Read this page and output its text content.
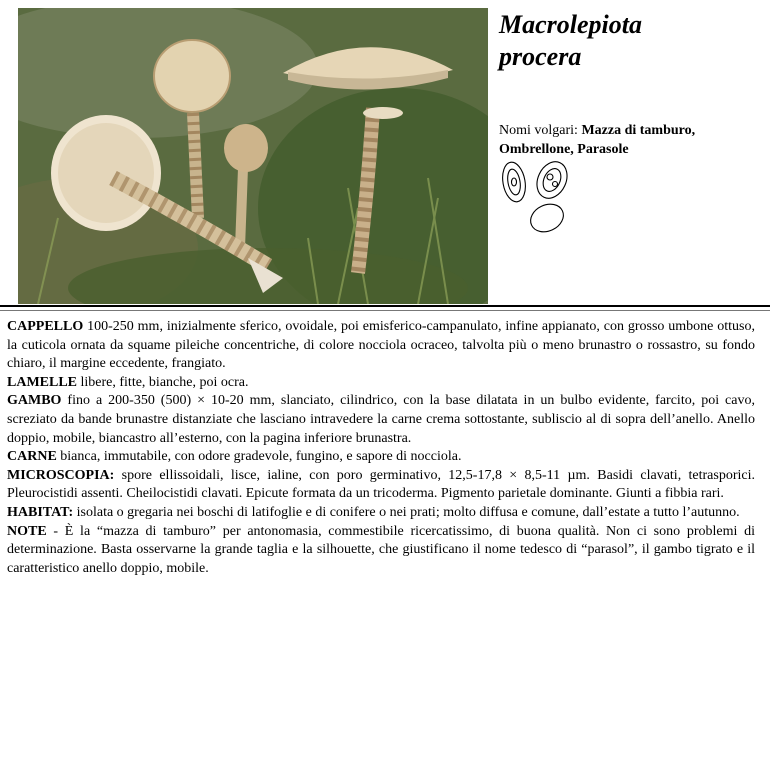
Macrolepiota
procera
Nomi volgari: Mazza di tamburo, Ombrellone, Parasole

CAPPELLO 100-250 mm, inizialmente sferico, ovoidale, poi emisferico-campanulato, infine appianato, con grosso umbone ottuso, la cuticola ornata da squame pileiche concentriche, di colore nocciola ocraceo, talvolta più o meno brunastro o rossastro, su fondo chiaro, il margine eccedente, frangiato.

LAMELLE libere, fitte, bianche, poi ocra.

GAMBO fino a 200-350 (500) × 10-20 mm, slanciato, cilindrico, con la base dilatata in un bulbo evidente, farcito, poi cavo, screziato da bande brunastre distanziate che lasciano intravedere la carne crema sottostante, subliscio al di sopra dell’anello. Anello doppio, mobile, biancastro all’esterno, con la pagina inferiore brunastra.

CARNE bianca, immutabile, con odore gradevole, fungino, e sapore di nocciola.

MICROSCOPIA: spore ellissoidali, lisce, ialine, con poro germinativo, 12,5-17,8 × 8,5-11 µm. Basidi clavati, tetrasporici. Pleurocistidi assenti. Cheilocistidi clavati. Epicute formata da un tricoderma. Pigmento parietale dominante. Giunti a fibbia rari.

HABITAT: isolata o gregaria nei boschi di latifoglie e di conifere o nei prati; molto diffusa e comune, dall’estate a tutto l’autunno.

NOTE - È la “mazza di tamburo” per antonomasia, commestibile ricercatissimo, di buona qualità. Non ci sono problemi di determinazione. Basta osservarne la grande taglia e la silhouette, che giustificano il nome tedesco di “parasol”, il gambo tigrato e il caratteristico anello doppio, mobile.
